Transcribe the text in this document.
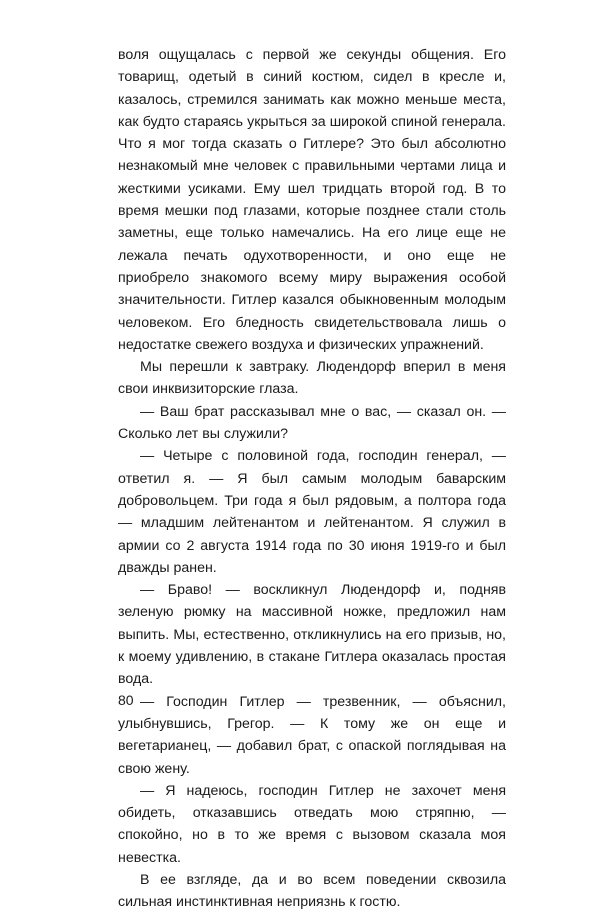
воля ощущалась с первой же секунды общения. Его товарищ, одетый в синий костюм, сидел в кресле и, казалось, стремился занимать как можно меньше места, как будто стараясь укрыться за широкой спиной генерала. Что я мог тогда сказать о Гитлере? Это был абсолютно незнакомый мне человек с правильными чертами лица и жесткими усиками. Ему шел тридцать второй год. В то время мешки под глазами, которые позднее стали столь заметны, еще только намечались. На его лице еще не лежала печать одухотворенности, и оно еще не приобрело знакомого всему миру выражения особой значительности. Гитлер казался обыкновенным молодым человеком. Его бледность свидетельствовала лишь о недостатке свежего воздуха и физических упражнений.

Мы перешли к завтраку. Людендорф вперил в меня свои инквизиторские глаза.

— Ваш брат рассказывал мне о вас, — сказал он. — Сколько лет вы служили?

— Четыре с половиной года, господин генерал, — ответил я. — Я был самым молодым баварским добровольцем. Три года я был рядовым, а полтора года — младшим лейтенантом и лейтенантом. Я служил в армии со 2 августа 1914 года по 30 июня 1919-го и был дважды ранен.

— Браво! — воскликнул Людендорф и, подняв зеленую рюмку на массивной ножке, предложил нам выпить. Мы, естественно, откликнулись на его призыв, но, к моему удивлению, в стакане Гитлера оказалась простая вода.

— Господин Гитлер — трезвенник, — объяснил, улыбнувшись, Грегор. — К тому же он еще и вегетарианец, — добавил брат, с опаской поглядывая на свою жену.

— Я надеюсь, господин Гитлер не захочет меня обидеть, отказавшись отведать мою стряпню, — спокойно, но в то же время с вызовом сказала моя невестка.

В ее взгляде, да и во всем поведении сквозила сильная инстинктивная неприязнь к гостю.

80
